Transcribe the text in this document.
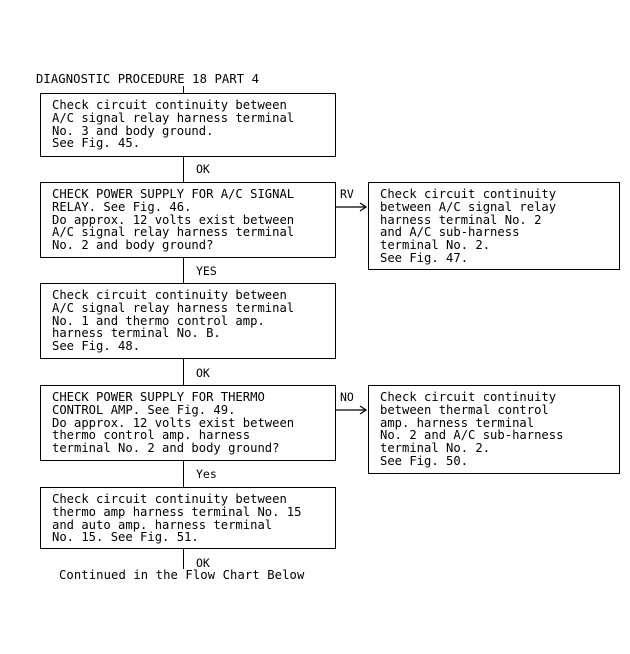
DIAGNOSTIC PROCEDURE 18 PART 4
Check circuit continuity between
A/C signal relay harness terminal
No. 3 and body ground.
See Fig. 45.
OK
CHECK POWER SUPPLY FOR A/C SIGNAL
RELAY. See Fig. 46.
Do approx. 12 volts exist between
A/C signal relay harness terminal
No. 2 and body ground?
RV Check circuit continuity
between A/C signal relay
harness terminal No. 2
and A/C sub-harness
terminal No. 2.
See Fig. 47.
YES
Check circuit continuity between
A/C signal relay harness terminal
No. 1 and thermo control amp.
harness terminal No. B.
See Fig. 48.
OK
CHECK POWER SUPPLY FOR THERMO
CONTROL AMP. See Fig. 49.
Do approx. 12 volts exist between
thermo control amp. harness
terminal No. 2 and body ground?
NO Check circuit continuity
between thermal control
amp. harness terminal
No. 2 and A/C sub-harness
terminal No. 2.
See Fig. 50.
Yes
Check circuit continuity between
thermo amp harness terminal No. 15
and auto amp. harness terminal
No. 15. See Fig. 51.
OK
Continued in the Flow Chart Below
